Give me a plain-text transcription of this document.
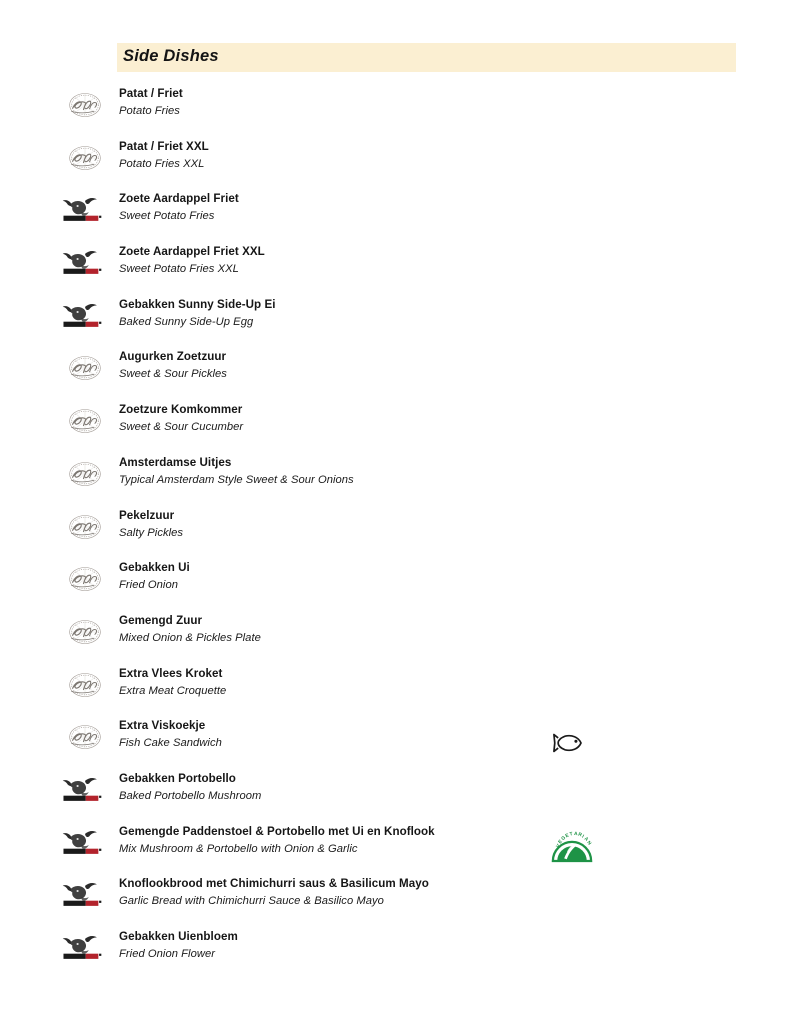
Side Dishes
Patat / Friet
Potato Fries
Patat / Friet XXL
Potato Fries XXL
Zoete Aardappel Friet
Sweet Potato Fries
Zoete Aardappel Friet XXL
Sweet Potato Fries XXL
Gebakken Sunny Side-Up Ei
Baked Sunny Side-Up Egg
Augurken Zoetzuur
Sweet & Sour Pickles
Zoetzure Komkommer
Sweet & Sour Cucumber
Amsterdamse Uitjes
Typical Amsterdam Style Sweet & Sour Onions
Pekelzuur
Salty Pickles
Gebakken Ui
Fried Onion
Gemengd Zuur
Mixed Onion & Pickles Plate
Extra Vlees Kroket
Extra Meat Croquette
Extra Viskoekje
Fish Cake Sandwich
Gebakken Portobello
Baked Portobello Mushroom
Gemengde Paddenstoel & Portobello met Ui en Knoflook
Mix Mushroom & Portobello with Onion & Garlic	V
E
G
E T A R
I
A
N
Knoflookbrood met Chimichurri saus & Basilicum Mayo
Garlic Bread with Chimichurri Sauce & Basilico Mayo
Gebakken Uienbloem
Fried Onion Flower
